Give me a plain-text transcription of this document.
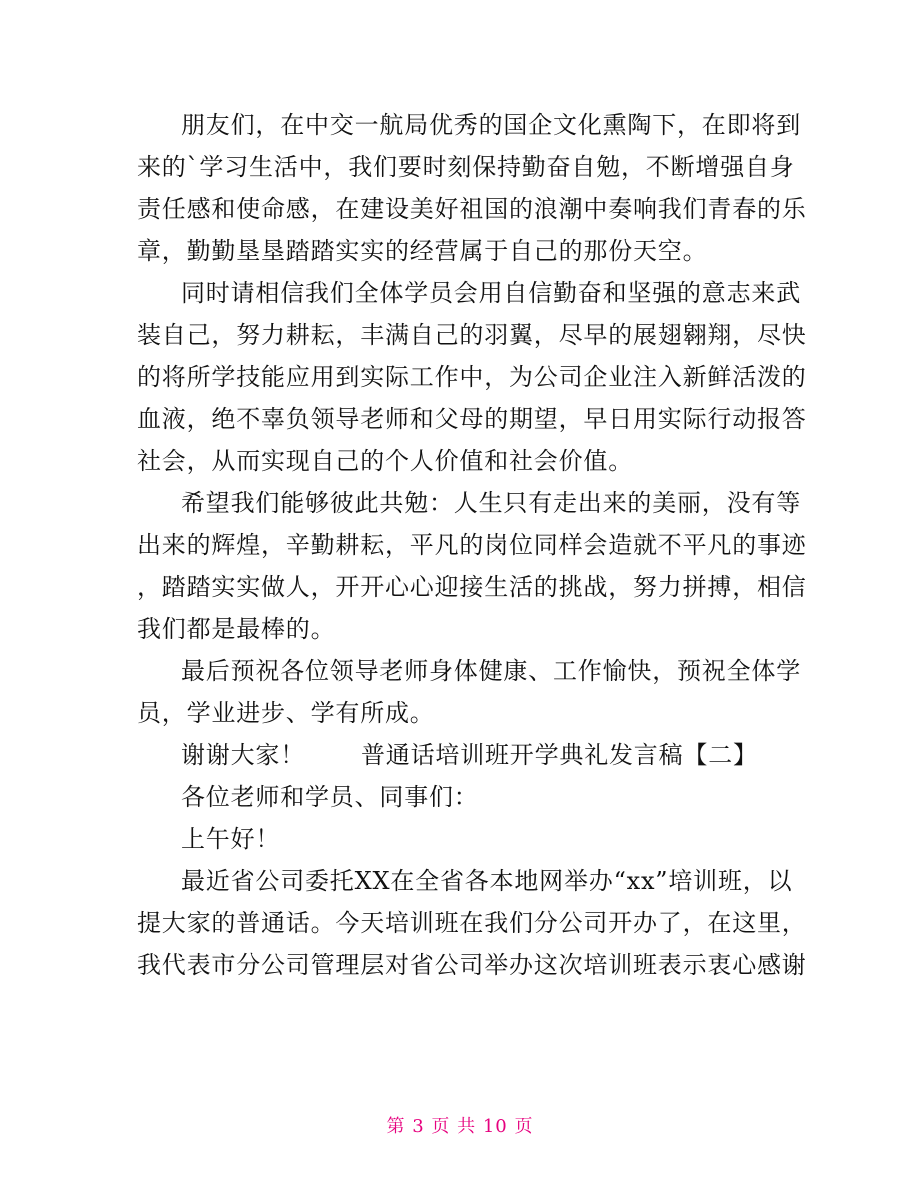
朋友们，在中交一航局优秀的国企文化熏陶下，在即将到
来的`学习生活中，我们要时刻保持勤奋自勉，不断增强自身
责任感和使命感，在建设美好祖国的浪潮中奏响我们青春的乐
章，勤勤垦垦踏踏实实的经营属于自己的那份天空。
同时请相信我们全体学员会用自信勤奋和坚强的意志来武
装自己，努力耕耘，丰满自己的羽翼，尽早的展翅翱翔，尽快
的将所学技能应用到实际工作中，为公司企业注入新鲜活泼的
血液，绝不辜负领导老师和父母的期望，早日用实际行动报答
社会，从而实现自己的个人价值和社会价值。
希望我们能够彼此共勉：人生只有走出来的美丽，没有等
出来的辉煌，辛勤耕耘，平凡的岗位同样会造就不平凡的事迹
，踏踏实实做人，开开心心迎接生活的挑战，努力拼搏，相信
我们都是最棒的。
最后预祝各位领导老师身体健康、工作愉快，预祝全体学
员，学业进步、学有所成。
谢谢大家！ 普通话培训班开学典礼发言稿【二】
各位老师和学员、同事们：
上午好！
最近省公司委托XX在全省各本地网举办“xx”培训班，以
提大家的普通话。今天培训班在我们分公司开办了，在这里，
我代表市分公司管理层对省公司举办这次培训班表示衷心感谢
第 3 页 共 10 页
